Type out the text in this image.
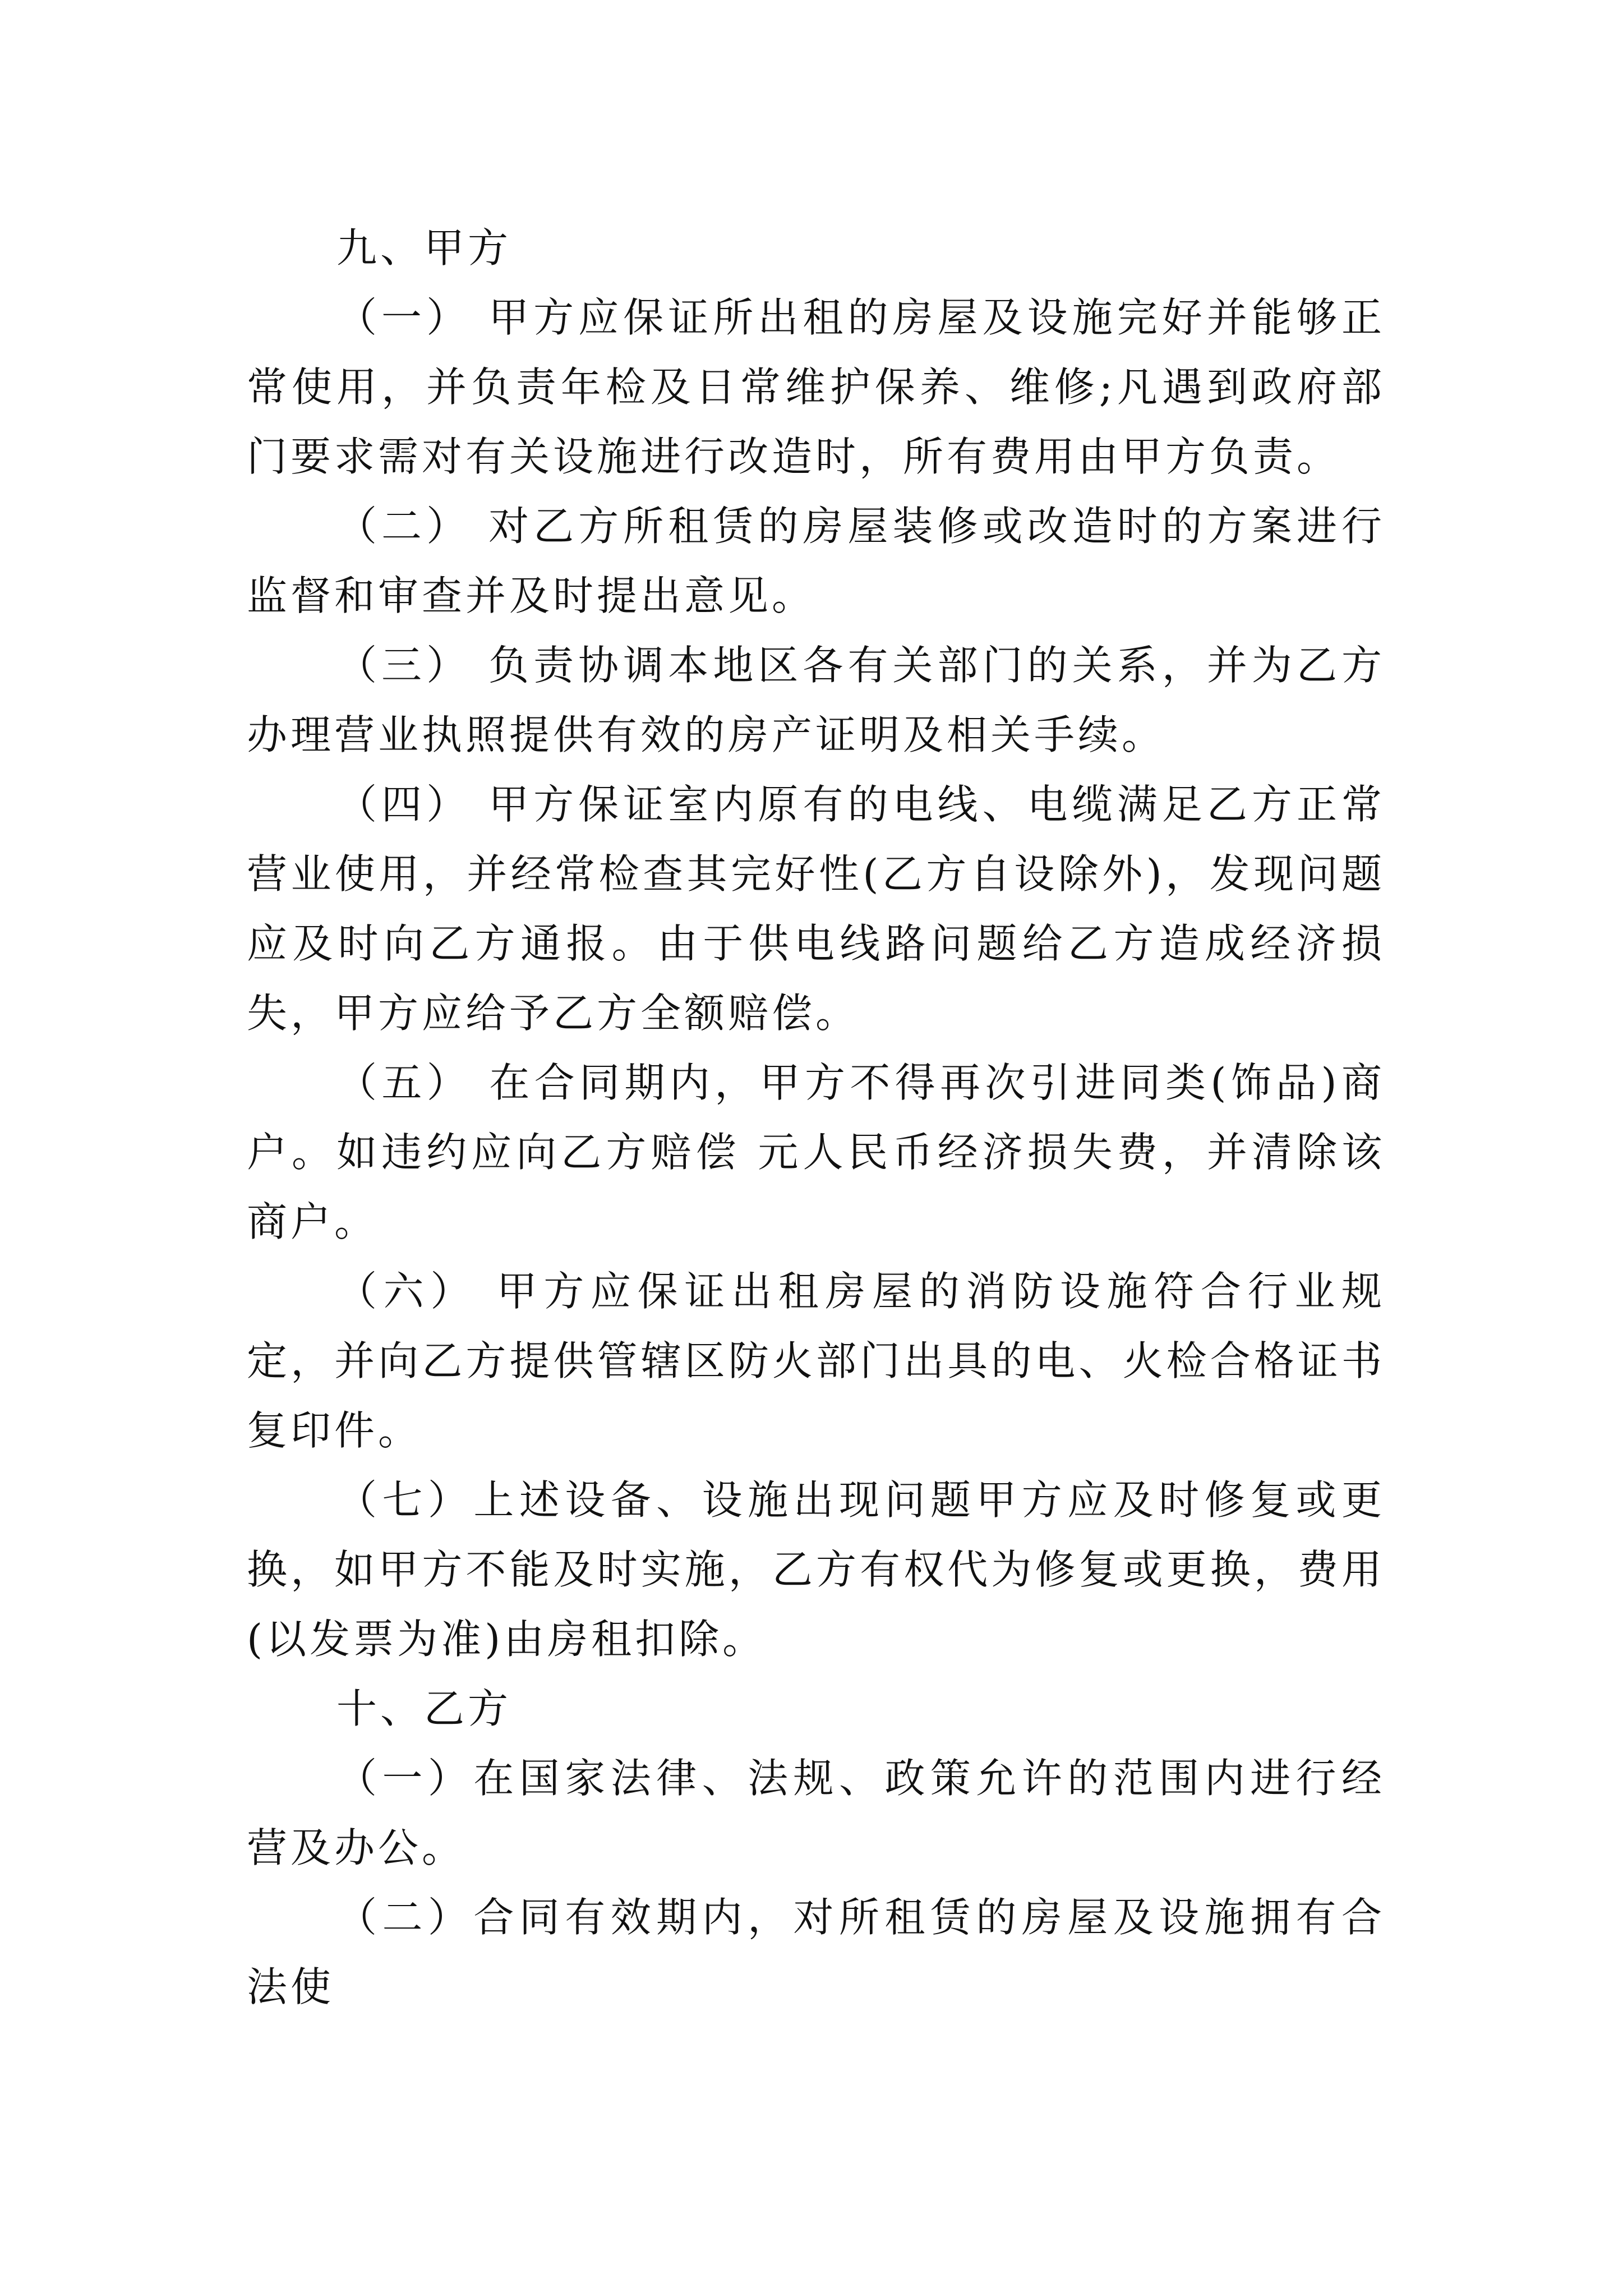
九、甲方

（一） 甲方应保证所出租的房屋及设施完好并能够正常使用，并负责年检及日常维护保养、维修;凡遇到政府部门要求需对有关设施进行改造时，所有费用由甲方负责。

（二） 对乙方所租赁的房屋装修或改造时的方案进行监督和审查并及时提出意见。

（三） 负责协调本地区各有关部门的关系，并为乙方办理营业执照提供有效的房产证明及相关手续。

（四） 甲方保证室内原有的电线、电缆满足乙方正常营业使用，并经常检查其完好性(乙方自设除外)，发现问题应及时向乙方通报。由于供电线路问题给乙方造成经济损失，甲方应给予乙方全额赔偿。

（五） 在合同期内，甲方不得再次引进同类(饰品)商户。如违约应向乙方赔偿 元人民币经济损失费，并清除该商户。

（六） 甲方应保证出租房屋的消防设施符合行业规定，并向乙方提供管辖区防火部门出具的电、火检合格证书复印件。

（七）上述设备、设施出现问题甲方应及时修复或更换，如甲方不能及时实施，乙方有权代为修复或更换，费用(以发票为准)由房租扣除。

十、乙方

（一）在国家法律、法规、政策允许的范围内进行经营及办公。

（二）合同有效期内，对所租赁的房屋及设施拥有合法使
